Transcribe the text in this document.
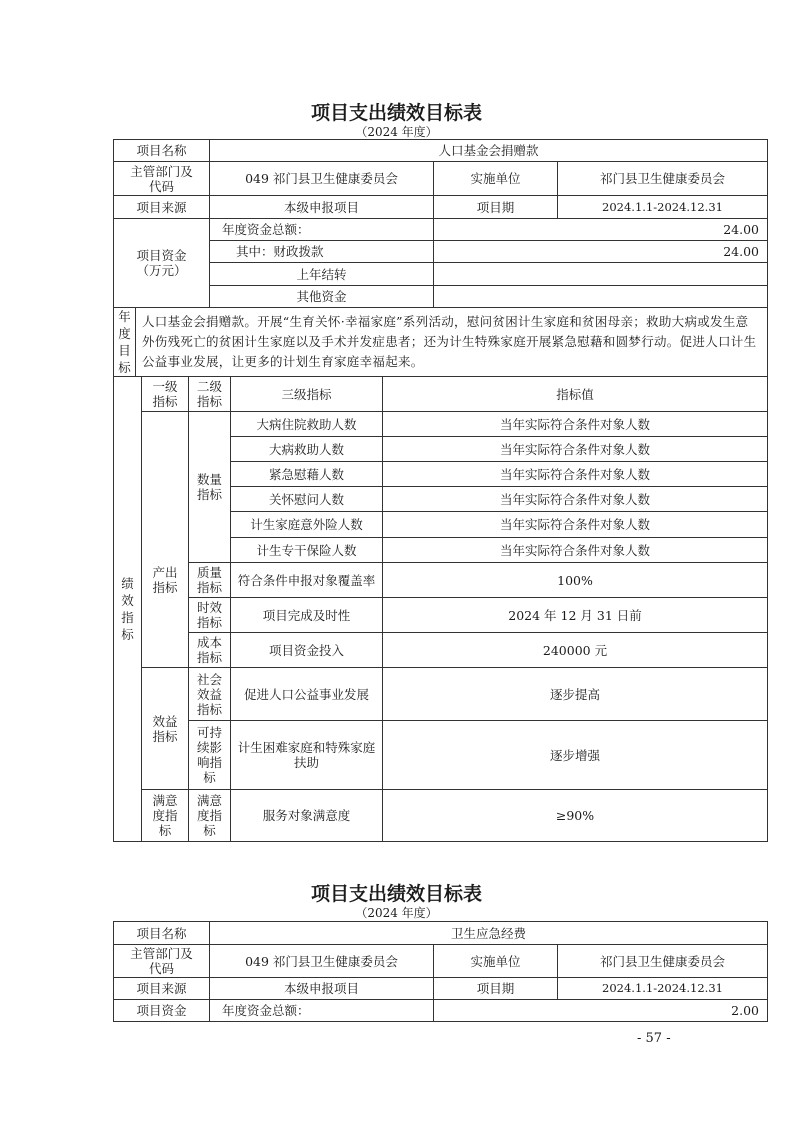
项目支出绩效目标表
（2024 年度）
项目名称	人口基金会捐赠款		
主管部门及代码	049 祁门县卫生健康委员会	实施单位	祁门县卫生健康委员会
项目来源	本级申报项目	项目期	2024.1.1-2024.12.31
项目资金（万元）	年度资金总额：	24.00
	其中：财政拨款	24.00
	上年结转	
	其他资金	
年度目标	人口基金会捐赠款。开展“生育关怀·幸福家庭”系列活动，慰问贫困计生家庭和贫困母亲；救助大病或发生意外伤残死亡的贫困计生家庭以及手术并发症患者；还为计生特殊家庭开展紧急慰藉和圆梦行动。促进人口计生公益事业发展，让更多的计划生育家庭幸福起来。
绩效指标	一级指标	二级指标	三级指标	指标值
	产出指标	数量指标	大病住院救助人数	当年实际符合条件对象人数
			大病救助人数	当年实际符合条件对象人数
			紧急慰藉人数	当年实际符合条件对象人数
			关怀慰问人数	当年实际符合条件对象人数
			计生家庭意外险人数	当年实际符合条件对象人数
			计生专干保险人数	当年实际符合条件对象人数
		质量指标	符合条件申报对象覆盖率	100%
		时效指标	项目完成及时性	2024 年 12 月 31 日前
		成本指标	项目资金投入	240000 元
	效益指标	社会效益指标	促进人口公益事业发展	逐步提高
		可持续影响指标	计生困难家庭和特殊家庭扶助	逐步增强
	满意度指标	满意度指标	服务对象满意度	≥90%
项目支出绩效目标表
（2024 年度）
项目名称	卫生应急经费		
主管部门及代码	049 祁门县卫生健康委员会	实施单位	祁门县卫生健康委员会
项目来源	本级申报项目	项目期	2024.1.1-2024.12.31
项目资金	年度资金总额：	2.00
- 57 -
